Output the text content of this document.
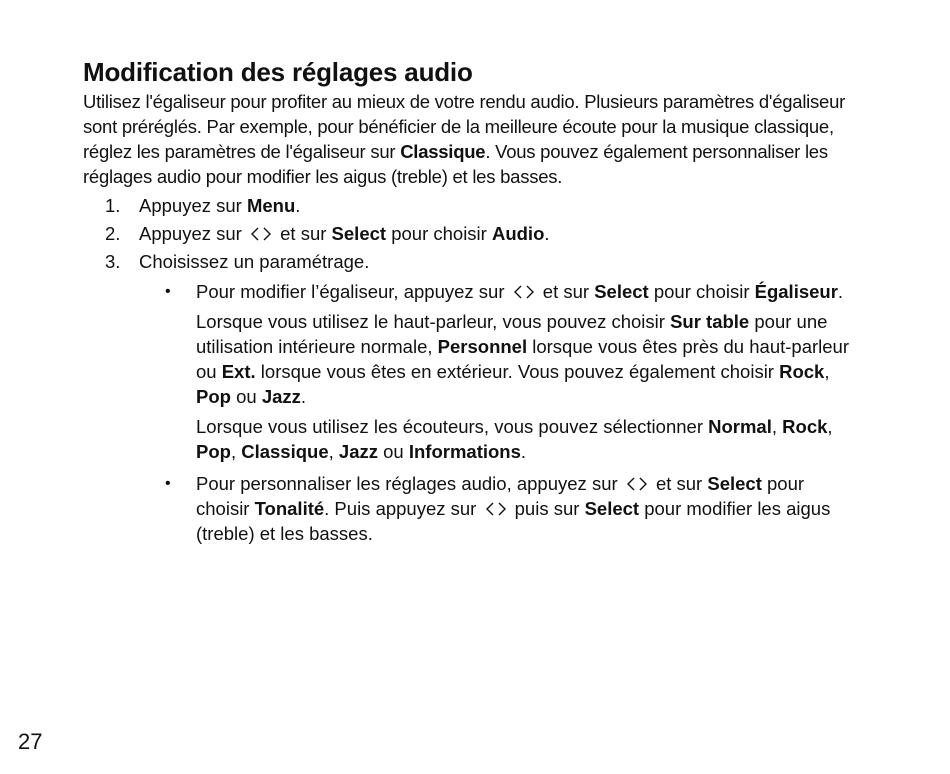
Modification des réglages audio

Utilisez l'égaliseur pour profiter au mieux de votre rendu audio. Plusieurs paramètres d'égaliseur sont préréglés. Par exemple, pour bénéficier de la meilleure écoute pour la musique classique, réglez les paramètres de l'égaliseur sur Classique. Vous pouvez également personnaliser les réglages audio pour modifier les aigus (treble) et les basses.

1. Appuyez sur Menu.
2. Appuyez sur et sur Select pour choisir Audio.
3. Choisissez un paramétrage.
• Pour modifier l’égaliseur, appuyez sur et sur Select pour choisir Égaliseur.

Lorsque vous utilisez le haut-parleur, vous pouvez choisir Sur table pour une utilisation intérieure normale, Personnel lorsque vous êtes près du haut-parleur ou Ext. lorsque vous êtes en extérieur. Vous pouvez également choisir Rock, Pop ou Jazz.

Lorsque vous utilisez les écouteurs, vous pouvez sélectionner Normal, Rock, Pop, Classique, Jazz ou Informations.

• Pour personnaliser les réglages audio, appuyez sur et sur Select pour choisir Tonalité. Puis appuyez sur puis sur Select pour modifier les aigus (treble) et les basses.
27
